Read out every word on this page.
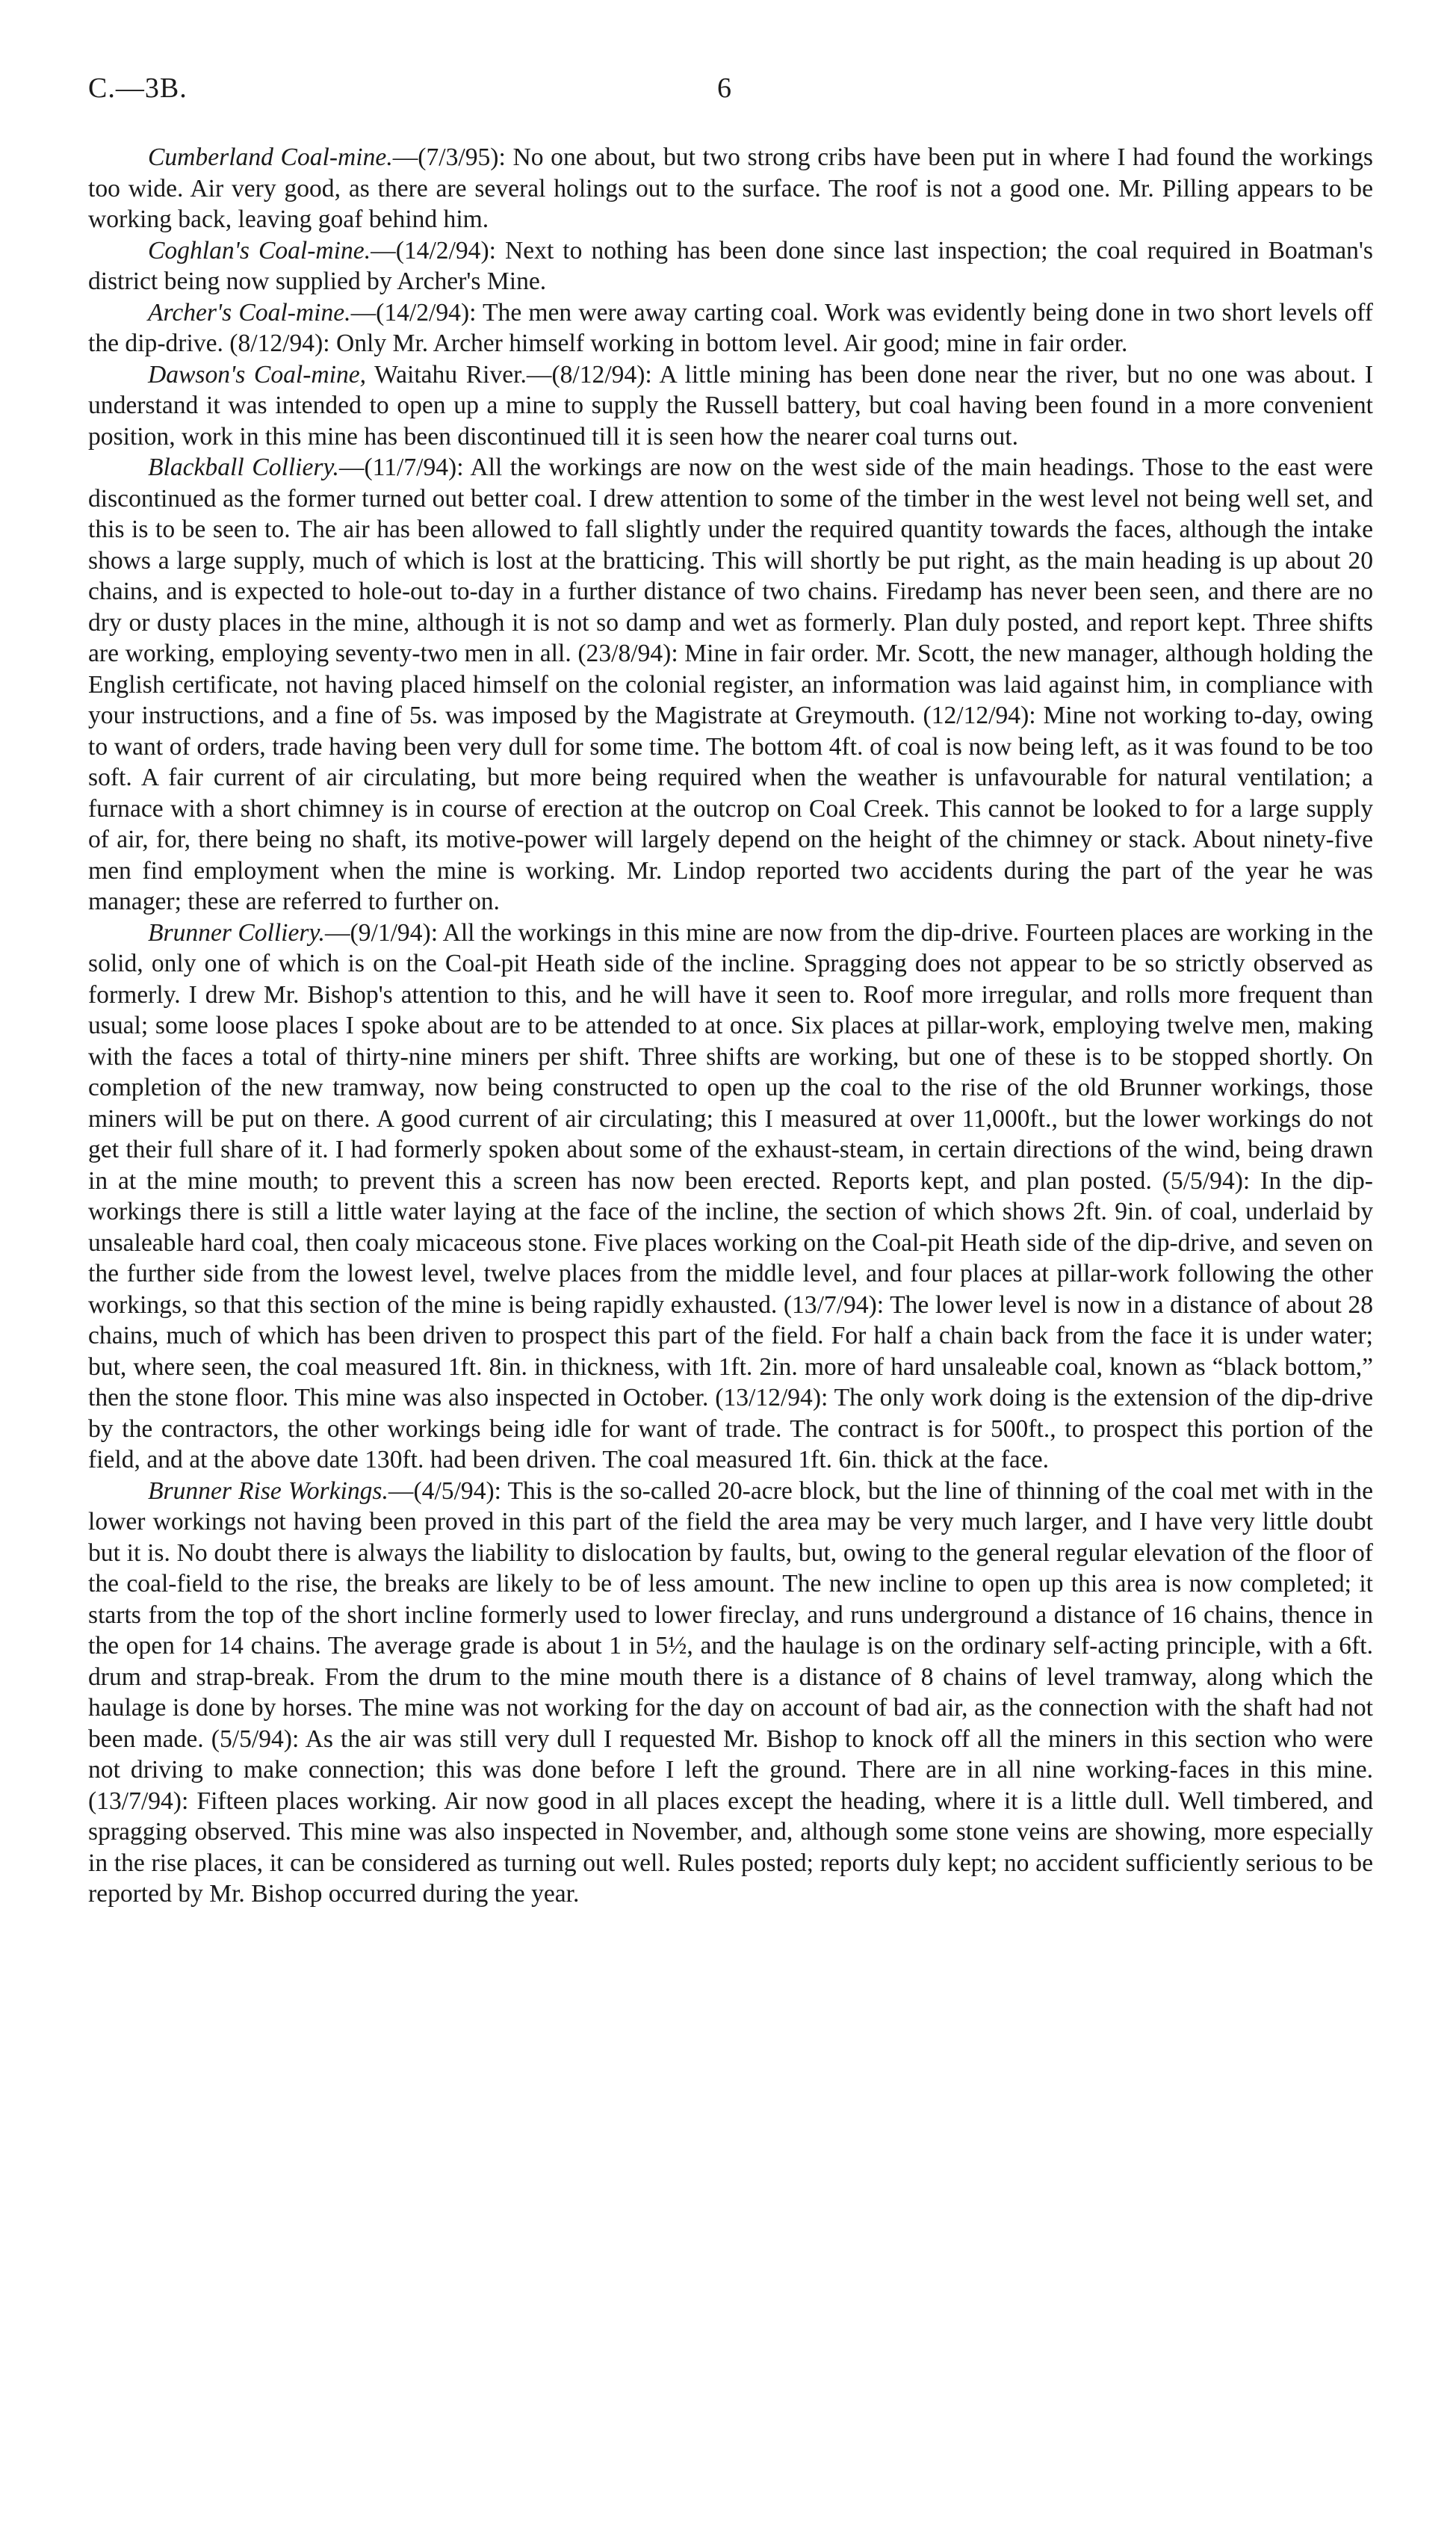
C.—3B.	6

Cumberland Coal-mine.—(7/3/95): No one about, but two strong cribs have been put in where I had found the workings too wide. Air very good, as there are several holings out to the surface. The roof is not a good one. Mr. Pilling appears to be working back, leaving goaf behind him.

Coghlan's Coal-mine.—(14/2/94): Next to nothing has been done since last inspection; the coal required in Boatman's district being now supplied by Archer's Mine.

Archer's Coal-mine.—(14/2/94): The men were away carting coal. Work was evidently being done in two short levels off the dip-drive. (8/12/94): Only Mr. Archer himself working in bottom level. Air good; mine in fair order.

Dawson's Coal-mine, Waitahu River.—(8/12/94): A little mining has been done near the river, but no one was about. I understand it was intended to open up a mine to supply the Russell battery, but coal having been found in a more convenient position, work in this mine has been discontinued till it is seen how the nearer coal turns out.

Blackball Colliery.—(11/7/94): All the workings are now on the west side of the main headings. Those to the east were discontinued as the former turned out better coal. I drew attention to some of the timber in the west level not being well set, and this is to be seen to. The air has been allowed to fall slightly under the required quantity towards the faces, although the intake shows a large supply, much of which is lost at the bratticing. This will shortly be put right, as the main heading is up about 20 chains, and is expected to hole-out to-day in a further distance of two chains. Firedamp has never been seen, and there are no dry or dusty places in the mine, although it is not so damp and wet as formerly. Plan duly posted, and report kept. Three shifts are working, employing seventy-two men in all. (23/8/94): Mine in fair order. Mr. Scott, the new manager, although holding the English certificate, not having placed himself on the colonial register, an information was laid against him, in compliance with your instructions, and a fine of 5s. was imposed by the Magistrate at Greymouth. (12/12/94): Mine not working to-day, owing to want of orders, trade having been very dull for some time. The bottom 4ft. of coal is now being left, as it was found to be too soft. A fair current of air circulating, but more being required when the weather is unfavourable for natural ventilation; a furnace with a short chimney is in course of erection at the outcrop on Coal Creek. This cannot be looked to for a large supply of air, for, there being no shaft, its motive-power will largely depend on the height of the chimney or stack. About ninety-five men find employment when the mine is working. Mr. Lindop reported two accidents during the part of the year he was manager; these are referred to further on.

Brunner Colliery.—(9/1/94): All the workings in this mine are now from the dip-drive. Fourteen places are working in the solid, only one of which is on the Coal-pit Heath side of the incline. Spragging does not appear to be so strictly observed as formerly. I drew Mr. Bishop's attention to this, and he will have it seen to. Roof more irregular, and rolls more frequent than usual; some loose places I spoke about are to be attended to at once. Six places at pillar-work, employing twelve men, making with the faces a total of thirty-nine miners per shift. Three shifts are working, but one of these is to be stopped shortly. On completion of the new tramway, now being constructed to open up the coal to the rise of the old Brunner workings, those miners will be put on there. A good current of air circulating; this I measured at over 11,000ft., but the lower workings do not get their full share of it. I had formerly spoken about some of the exhaust-steam, in certain directions of the wind, being drawn in at the mine mouth; to prevent this a screen has now been erected. Reports kept, and plan posted. (5/5/94): In the dip-workings there is still a little water laying at the face of the incline, the section of which shows 2ft. 9in. of coal, underlaid by unsaleable hard coal, then coaly micaceous stone. Five places working on the Coal-pit Heath side of the dip-drive, and seven on the further side from the lowest level, twelve places from the middle level, and four places at pillar-work following the other workings, so that this section of the mine is being rapidly exhausted. (13/7/94): The lower level is now in a distance of about 28 chains, much of which has been driven to prospect this part of the field. For half a chain back from the face it is under water; but, where seen, the coal measured 1ft. 8in. in thickness, with 1ft. 2in. more of hard unsaleable coal, known as “black bottom,” then the stone floor. This mine was also inspected in October. (13/12/94): The only work doing is the extension of the dip-drive by the contractors, the other workings being idle for want of trade. The contract is for 500ft., to prospect this portion of the field, and at the above date 130ft. had been driven. The coal measured 1ft. 6in. thick at the face.

Brunner Rise Workings.—(4/5/94): This is the so-called 20-acre block, but the line of thinning of the coal met with in the lower workings not having been proved in this part of the field the area may be very much larger, and I have very little doubt but it is. No doubt there is always the liability to dislocation by faults, but, owing to the general regular elevation of the floor of the coal-field to the rise, the breaks are likely to be of less amount. The new incline to open up this area is now completed; it starts from the top of the short incline formerly used to lower fireclay, and runs underground a distance of 16 chains, thence in the open for 14 chains. The average grade is about 1 in 5½, and the haulage is on the ordinary self-acting principle, with a 6ft. drum and strap-break. From the drum to the mine mouth there is a distance of 8 chains of level tramway, along which the haulage is done by horses. The mine was not working for the day on account of bad air, as the connection with the shaft had not been made. (5/5/94): As the air was still very dull I requested Mr. Bishop to knock off all the miners in this section who were not driving to make connection; this was done before I left the ground. There are in all nine working-faces in this mine. (13/7/94): Fifteen places working. Air now good in all places except the heading, where it is a little dull. Well timbered, and spragging observed. This mine was also inspected in November, and, although some stone veins are showing, more especially in the rise places, it can be considered as turning out well. Rules posted; reports duly kept; no accident sufficiently serious to be reported by Mr. Bishop occurred during the year.
